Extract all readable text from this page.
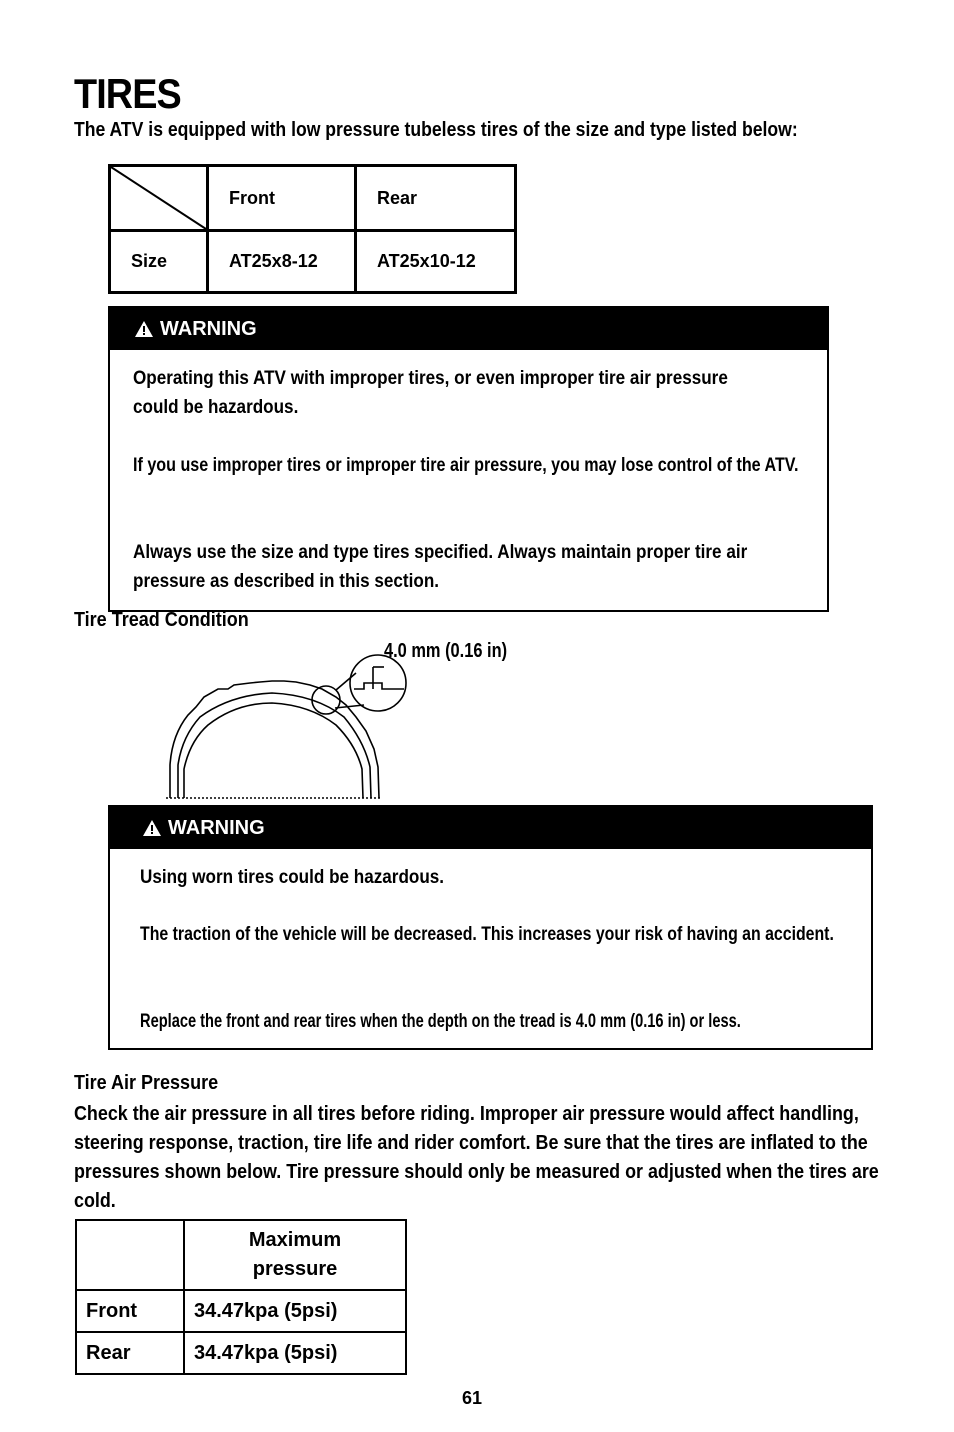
TIRES
The ATV is equipped with low pressure tubeless tires of the size and type listed below:
	Front	Rear
Size	AT25x8-12	AT25x10-12
WARNING

Operating this ATV with improper tires, or even improper tire air pressure could be hazardous.

If you use improper tires or improper tire air pressure, you may lose control of the ATV.

Always use the size and type tires specified. Always maintain proper tire air pressure as described in this section.

Tire Tread Condition
4.0 mm (0.16 in)
WARNING

Using worn tires could be hazardous.

The traction of the vehicle will be decreased. This increases your risk of having an accident.

Replace the front and rear tires when the depth on the tread is 4.0 mm (0.16 in) or less.

Tire Air Pressure
Check the air pressure in all tires before riding. Improper air pressure would affect handling, steering response, traction, tire life and rider comfort. Be sure that the tires are inflated to the pressures shown below. Tire pressure should only be measured or adjusted when the tires are cold.

	Maximum pressure

Front	34.47kpa (5psi)
Rear	34.47kpa (5psi)
61
